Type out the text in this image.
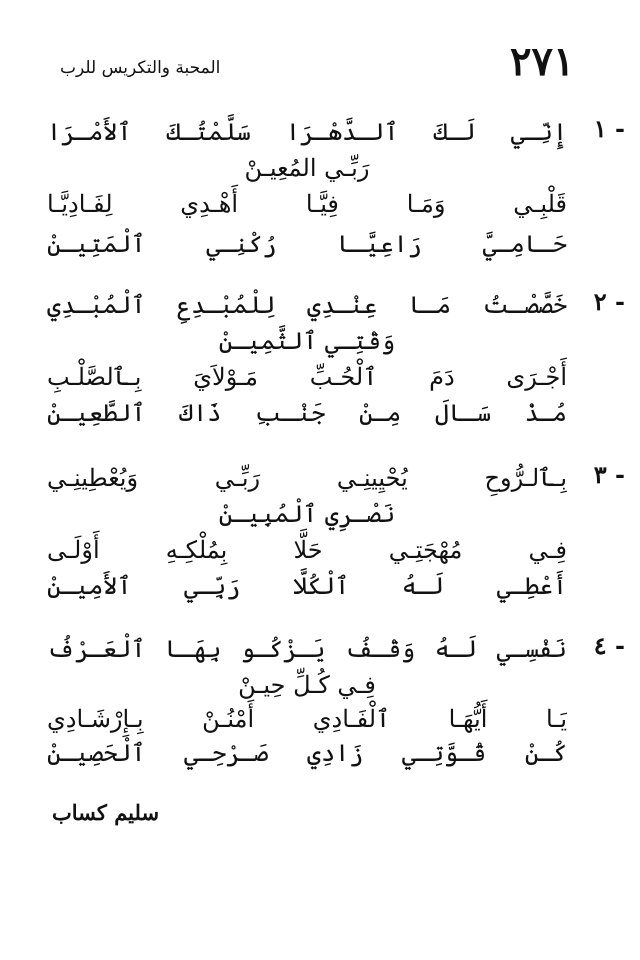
٢٧١
المحبة والتكريس للرب
١ -
إِنِّـي لَـكَ ٱلـدَّهْـرَا سَلَّمْتُـكَ ٱلأَمْـرَا
رَبِّـي المُعِيـنْ
قَلْبِـي وَمَـا فِيَّـا أَهْـدِي لِفَـادِيَّـا
حَـامِـيَّ رَاعِيَّـا رُكْنِـي ٱلْمَتِيـنْ
٢ -
خَصَّصْـتُ مَـا عِنْـدِي لِلْمُبْـدِعِ ٱلْمُبْـدِي
وَقْتِـي ٱلثَّمِيـنْ
أَجْـرَى دَمَ ٱلْحُـبِّ مَـوْلاَيَ بِـٱلصَّلْـبِ
مُـذْ سَـالَ مِـنْ جَنْـبِ ذَاكَ ٱلطَّعِيـنْ
٣ -
بِـٱلـرُّوحِ يُحْيِينِـي رَبِّـي وَيُعْطِينِـي
نَصْـرِي ٱلْمُبِيـنْ
فِـي مُهْجَتِـي حَلَّا بِمُلْكِـهِ أَوْلَـى
أَعْطِـي لَـهُ ٱلْكُلَّا رَبِّـي ٱلأَمِيـنْ
٤ -
نَفْسِـي لَـهُ وَقْـفُ يَـزْكُـو بِهَـا ٱلْعَـرْفُ
فِـي كُـلِّ حِيـنْ
يَـا أَيُّهَـا ٱلْفَـادِي أَمْنُـنْ بِـإِرْشَـادِي
كُـنْ قُـوَّتِـي زَادِي صَـرْحِـي ٱلْحَصِيـنْ
سليم كساب
